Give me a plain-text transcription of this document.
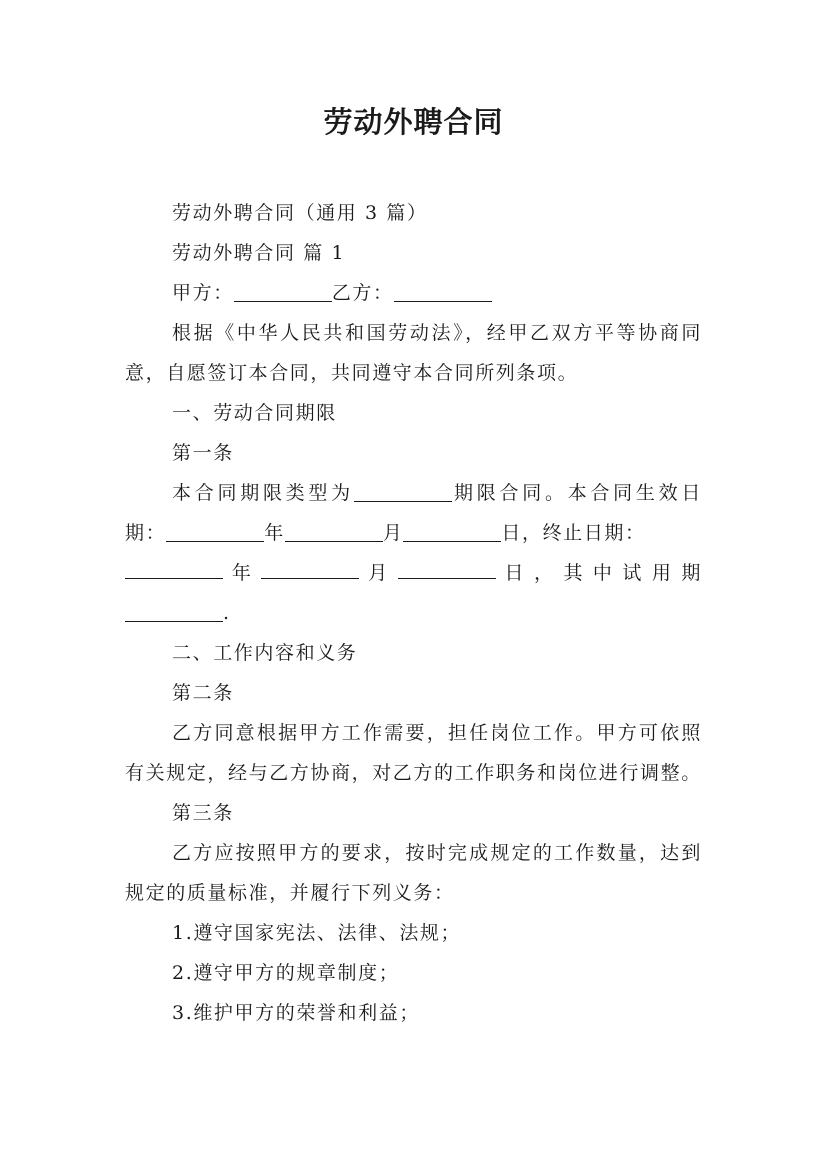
劳动外聘合同

劳动外聘合同（通用 3 篇）

劳动外聘合同 篇 1

甲方：	乙方：

根据《中华人民共和国劳动法》，经甲乙双方平等协商同意，自愿签订本合同，共同遵守本合同所列条项。

一、劳动合同期限

第一条

本合同期限类型为	期限合同。本合同生效日期：	年	月	日，终止日期：

年	月	日 ， 其 中 试 用 期

.

二、工作内容和义务

第二条

乙方同意根据甲方工作需要，担任岗位工作。甲方可依照有关规定，经与乙方协商，对乙方的工作职务和岗位进行调整。

第三条

乙方应按照甲方的要求，按时完成规定的工作数量，达到规定的质量标准，并履行下列义务：

1.遵守国家宪法、法律、法规；

2.遵守甲方的规章制度；

3.维护甲方的荣誉和利益；
